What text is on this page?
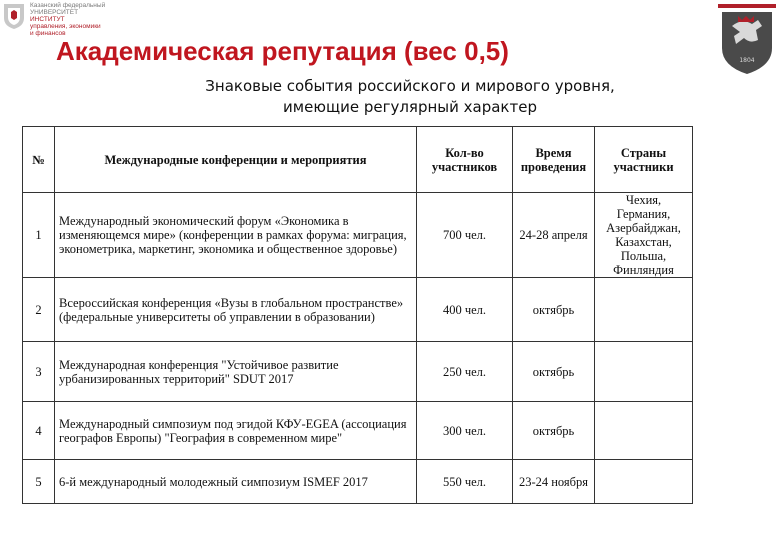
Казанский федеральный
УНИВЕРСИТЕТ
ИНСТИТУТ
управления, экономики
и финансов
1804
Академическая репутация (вес 0,5)
Знаковые события российского и мирового уровня,
имеющие регулярный характер
№	Международные конференции и мероприятия	Кол-во участников	Время проведения	Страны участники
1	Международный экономический форум «Экономика в изменяющемся мире» (конференции в рамках форума: миграция, эконометрика, маркетинг, экономика и общественное здоровье)	700 чел.	24-28 апреля	Чехия, Германия, Азербайджан, Казахстан, Польша, Финляндия
2	Всероссийская конференция «Вузы в глобальном пространстве» (федеральные университеты об управлении в образовании)	400 чел.	октябрь	
3	Международная конференция "Устойчивое развитие урбанизированных территорий" SDUT 2017	250 чел.	октябрь	
4	Международный симпозиум под эгидой КФУ-EGEA (ассоциация географов Европы) "География в современном мире"	300 чел.	октябрь	
5	6-й международный молодежный симпозиум ISMEF 2017	550 чел.	23-24 ноября	
